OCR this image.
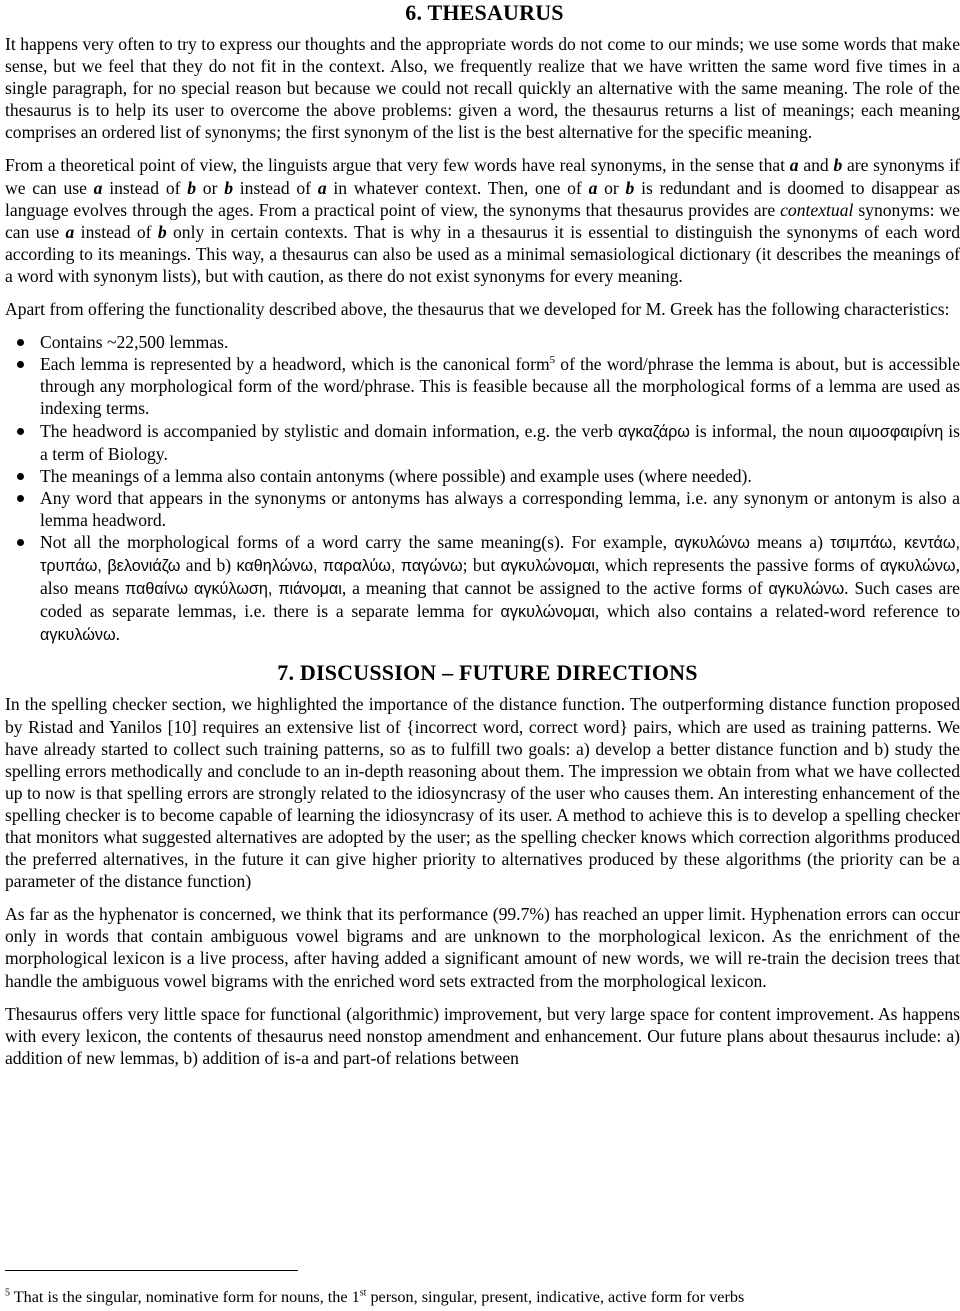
6. THESAURUS

It happens very often to try to express our thoughts and the appropriate words do not come to our minds; we use some words that make sense, but we feel that they do not fit in the context. Also, we frequently realize that we have written the same word five times in a single paragraph, for no special reason but because we could not recall quickly an alternative with the same meaning. The role of the thesaurus is to help its user to overcome the above problems: given a word, the thesaurus returns a list of meanings; each meaning comprises an ordered list of synonyms; the first synonym of the list is the best alternative for the specific meaning.

From a theoretical point of view, the linguists argue that very few words have real synonyms, in the sense that a and b are synonyms if we can use a instead of b or b instead of a in whatever context. Then, one of a or b is redundant and is doomed to disappear as language evolves through the ages. From a practical point of view, the synonyms that thesaurus provides are contextual synonyms: we can use a instead of b only in certain contexts. That is why in a thesaurus it is essential to distinguish the synonyms of each word according to its meanings. This way, a thesaurus can also be used as a minimal semasiological dictionary (it describes the meanings of a word with synonym lists), but with caution, as there do not exist synonyms for every meaning.

Apart from offering the functionality described above, the thesaurus that we developed for M. Greek has the following characteristics:

Contains ~22,500 lemmas.
Each lemma is represented by a headword, which is the canonical form$^5$ of the word/phrase the lemma is about, but is accessible through any morphological form of the word/phrase. This is feasible because all the morphological forms of a lemma are used as indexing terms.
The headword is accompanied by stylistic and domain information, e.g. the verb αγκαζάρω is informal, the noun αιμοσφαιρίνη is a term of Biology.
The meanings of a lemma also contain antonyms (where possible) and example uses (where needed).
Any word that appears in the synonyms or antonyms has always a corresponding lemma, i.e. any synonym or antonym is also a lemma headword.
Not all the morphological forms of a word carry the same meaning(s). For example, αγκυλώνω means a) τσιμπάω, κεντάω, τρυπάω, βελονιάζω and b) καθηλώνω, παραλύω, παγώνω; but αγκυλώνομαι, which represents the passive forms of αγκυλώνω, also means παθαίνω αγκύλωση, πιάνομαι, a meaning that cannot be assigned to the active forms of αγκυλώνω. Such cases are coded as separate lemmas, i.e. there is a separate lemma for αγκυλώνομαι, which also contains a related-word reference to αγκυλώνω.
7. DISCUSSION – FUTURE DIRECTIONS

In the spelling checker section, we highlighted the importance of the distance function. The outperforming distance function proposed by Ristad and Yanilos [10] requires an extensive list of {incorrect word, correct word} pairs, which are used as training patterns. We have already started to collect such training patterns, so as to fulfill two goals: a) develop a better distance function and b) study the spelling errors methodically and conclude to an in-depth reasoning about them. The impression we obtain from what we have collected up to now is that spelling errors are strongly related to the idiosyncrasy of the user who causes them. An interesting enhancement of the spelling checker is to become capable of learning the idiosyncrasy of its user. A method to achieve this is to develop a spelling checker that monitors what suggested alternatives are adopted by the user; as the spelling checker knows which correction algorithms produced the preferred alternatives, in the future it can give higher priority to alternatives produced by these algorithms (the priority can be a parameter of the distance function)

As far as the hyphenator is concerned, we think that its performance (99.7%) has reached an upper limit. Hyphenation errors can occur only in words that contain ambiguous vowel bigrams and are unknown to the morphological lexicon. As the enrichment of the morphological lexicon is a live process, after having added a significant amount of new words, we will re-train the decision trees that handle the ambiguous vowel bigrams with the enriched word sets extracted from the morphological lexicon.

Thesaurus offers very little space for functional (algorithmic) improvement, but very large space for content improvement. As happens with every lexicon, the contents of thesaurus need nonstop amendment and enhancement. Our future plans about thesaurus include: a) addition of new lemmas, b) addition of is-a and part-of relations between

$^5$ That is the singular, nominative form for nouns, the 1st person, singular, present, indicative, active form for verbs
